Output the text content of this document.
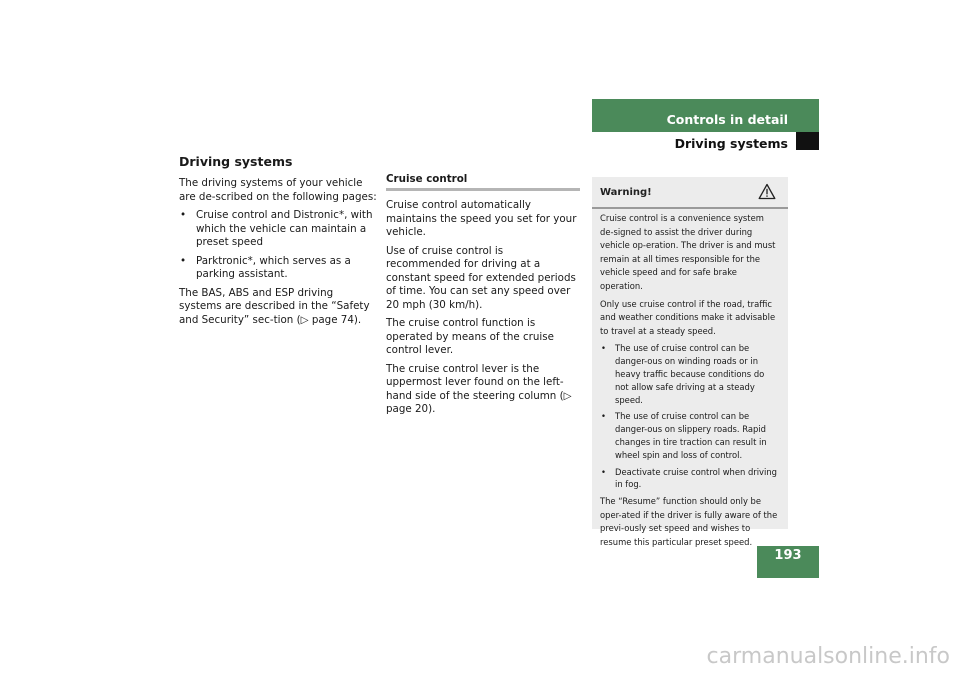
Controls in detail
Driving systems
Driving systems

The driving systems of your vehicle are de-scribed on the following pages:

• Cruise control and Distronic*, with which the vehicle can maintain a preset speed
• Parktronic*, which serves as a parking assistant.

The BAS, ABS and ESP driving systems are described in the “Safety and Security” sec-tion (▷ page 74).

Cruise control

Cruise control automatically maintains the speed you set for your vehicle.

Use of cruise control is recommended for driving at a constant speed for extended periods of time. You can set any speed over 20 mph (30 km/h).

The cruise control function is operated by means of the cruise control lever.

The cruise control lever is the uppermost lever found on the left-hand side of the steering column (▷ page 20).

Warning!

Cruise control is a convenience system de-signed to assist the driver during vehicle op-eration. The driver is and must remain at all times responsible for the vehicle speed and for safe brake operation.

Only use cruise control if the road, traffic and weather conditions make it advisable to travel at a steady speed.

• The use of cruise control can be danger-ous on winding roads or in heavy traffic because conditions do not allow safe driving at a steady speed.
• The use of cruise control can be danger-ous on slippery roads. Rapid changes in tire traction can result in wheel spin and loss of control.
• Deactivate cruise control when driving in fog.

The “Resume” function should only be oper-ated if the driver is fully aware of the previ-ously set speed and wishes to resume this particular preset speed.

193
carmanualsonline.info
